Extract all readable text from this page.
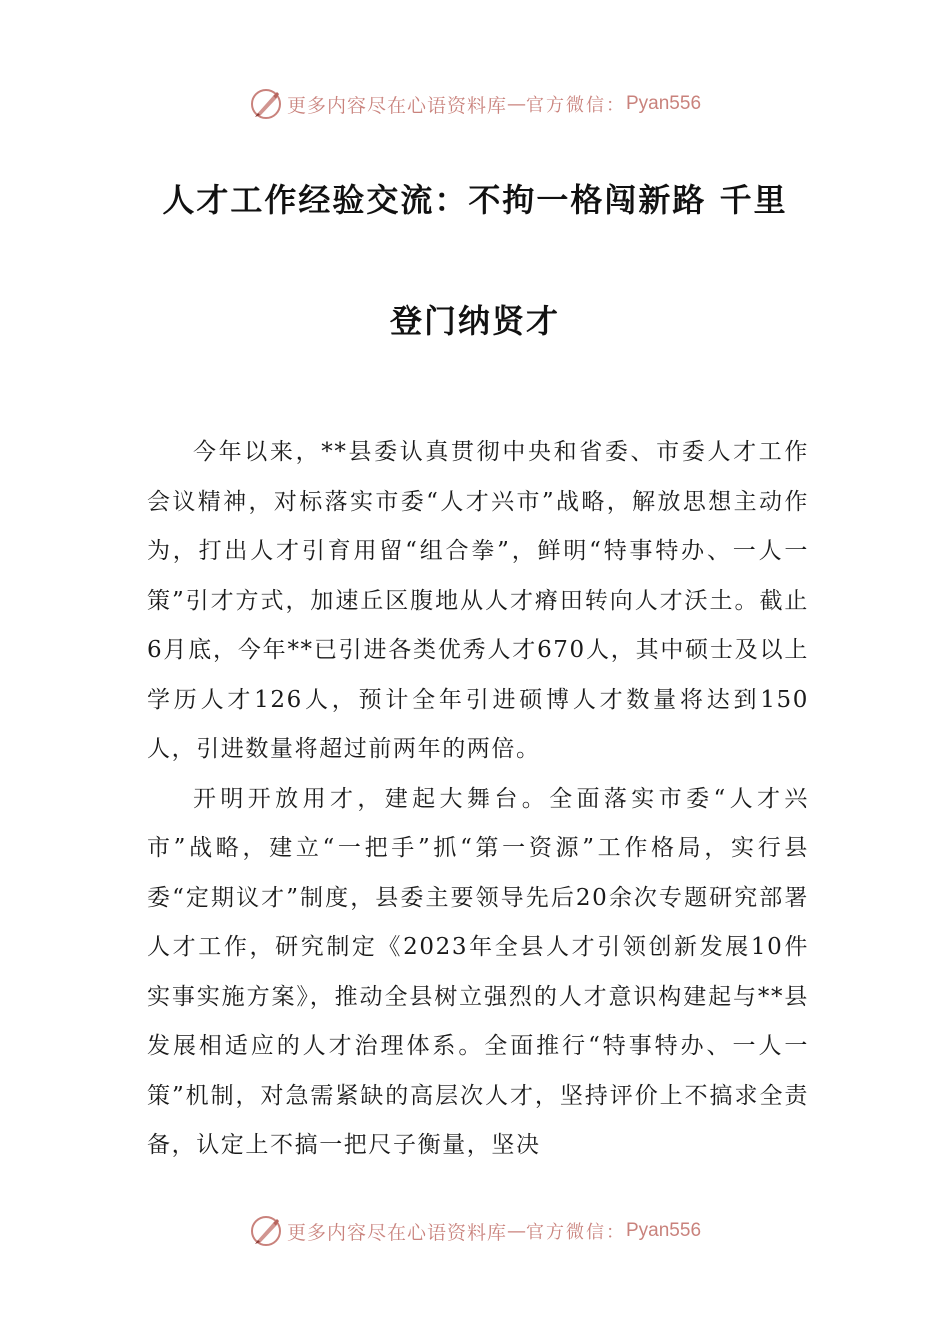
更多内容尽在心语资料库 — 官方微信： Pyan556
人才工作经验交流：不拘一格闯新路 千里
登门纳贤才

今年以来，**县委认真贯彻中央和省委、市委人才工作会议精神，对标落实市委“人才兴市”战略，解放思想主动作为，打出人才引育用留“组合拳”，鲜明“特事特办、一人一策”引才方式，加速丘区腹地从人才瘠田转向人才沃土。截止6月底，今年**已引进各类优秀人才670人，其中硕士及以上学历人才126人，预计全年引进硕博人才数量将达到150人，引进数量将超过前两年的两倍。

开明开放用才，建起大舞台。全面落实市委“人才兴市”战略，建立“一把手”抓“第一资源”工作格局，实行县委“定期议才”制度，县委主要领导先后20余次专题研究部署人才工作，研究制定《2023年全县人才引领创新发展10件实事实施方案》，推动全县树立强烈的人才意识构建起与**县发展相适应的人才治理体系。全面推行“特事特办、一人一策”机制，对急需紧缺的高层次人才，坚持评价上不搞求全责备，认定上不搞一把尺子衡量，坚决

更多内容尽在心语资料库 — 官方微信： Pyan556
